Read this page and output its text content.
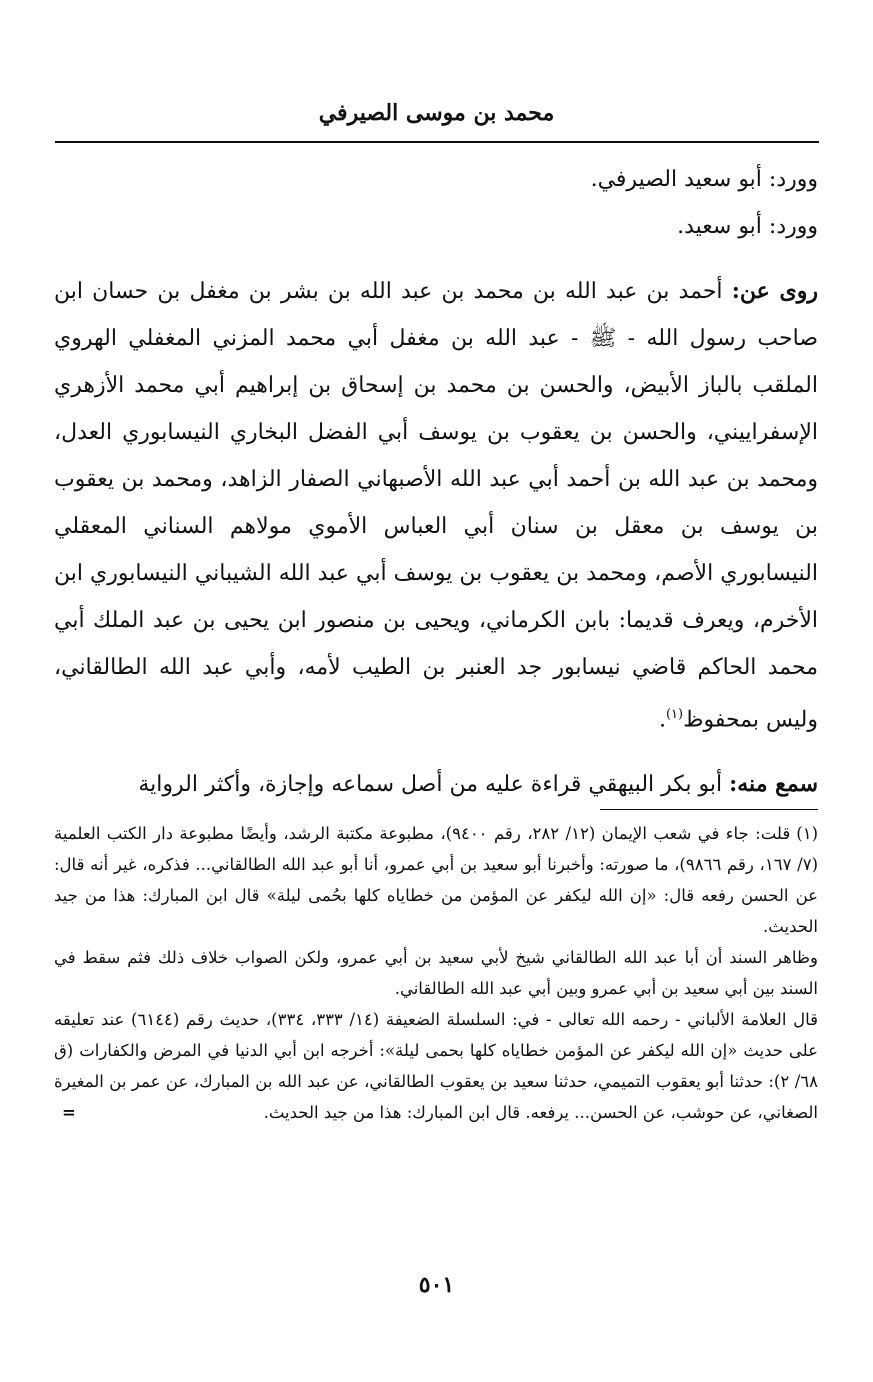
محمد بن موسى الصيرفي

وورد: أبو سعيد الصيرفي.

وورد: أبو سعيد.

روى عن: أحمد بن عبد الله بن محمد بن عبد الله بن بشر بن مغفل بن حسان ابن صاحب رسول الله - ﷺ - عبد الله بن مغفل أبي محمد المزني المغفلي الهروي الملقب بالباز الأبيض، والحسن بن محمد بن إسحاق بن إبراهيم أبي محمد الأزهري الإسفراييني، والحسن بن يعقوب بن يوسف أبي الفضل البخاري النيسابوري العدل، ومحمد بن عبد الله بن أحمد أبي عبد الله الأصبهاني الصفار الزاهد، ومحمد بن يعقوب بن يوسف بن معقل بن سنان أبي العباس الأموي مولاهم السناني المعقلي النيسابوري الأصم، ومحمد بن يعقوب بن يوسف أبي عبد الله الشيباني النيسابوري ابن الأخرم، ويعرف قديما: بابن الكرماني، ويحيى بن منصور ابن يحيى بن عبد الملك أبي محمد الحاكم قاضي نيسابور جد العنبر بن الطيب لأمه، وأبي عبد الله الطالقاني، وليس بمحفوظ$^{(١)}$.

سمع منه: أبو بكر البيهقي قراءة عليه من أصل سماعه وإجازة، وأكثر الرواية

(١)قلت: جاء في شعب الإيمان (١٢/ ٢٨٢، رقم ٩٤٠٠)، مطبوعة مكتبة الرشد، وأيضًا مطبوعة دار الكتب العلمية (٧/ ١٦٧، رقم ٩٨٦٦)، ما صورته: وأخبرنا أبو سعيد بن أبي عمرو، أنا أبو عبد الله الطالقاني... فذكره، غير أنه قال: عن الحسن رفعه قال: «إن الله ليكفر عن المؤمن من خطاياه كلها بحُمى ليلة» قال ابن المبارك: هذا من جيد الحديث.

وظاهر السند أن أبا عبد الله الطالقاني شيخ لأبي سعيد بن أبي عمرو، ولكن الصواب خلاف ذلك فثم سقط في السند بين أبي سعيد بن أبي عمرو وبين أبي عبد الله الطالقاني.

قال العلامة الألباني - رحمه الله تعالى - في: السلسلة الضعيفة (١٤/ ٣٣٣، ٣٣٤)، حديث رقم (٦١٤٤) عند تعليقه على حديث «إن الله ليكفر عن المؤمن خطاياه كلها بحمى ليلة»: أخرجه ابن أبي الدنيا في المرض والكفارات (ق ٦٨/ ٢): حدثنا أبو يعقوب التميمي، حدثنا سعيد بن يعقوب الطالقاني، عن عبد الله بن المبارك، عن عمر بن المغيرة الصغاني، عن حوشب، عن الحسن... يرفعه. قال ابن المبارك: هذا من جيد الحديث.
=

٥٠١
